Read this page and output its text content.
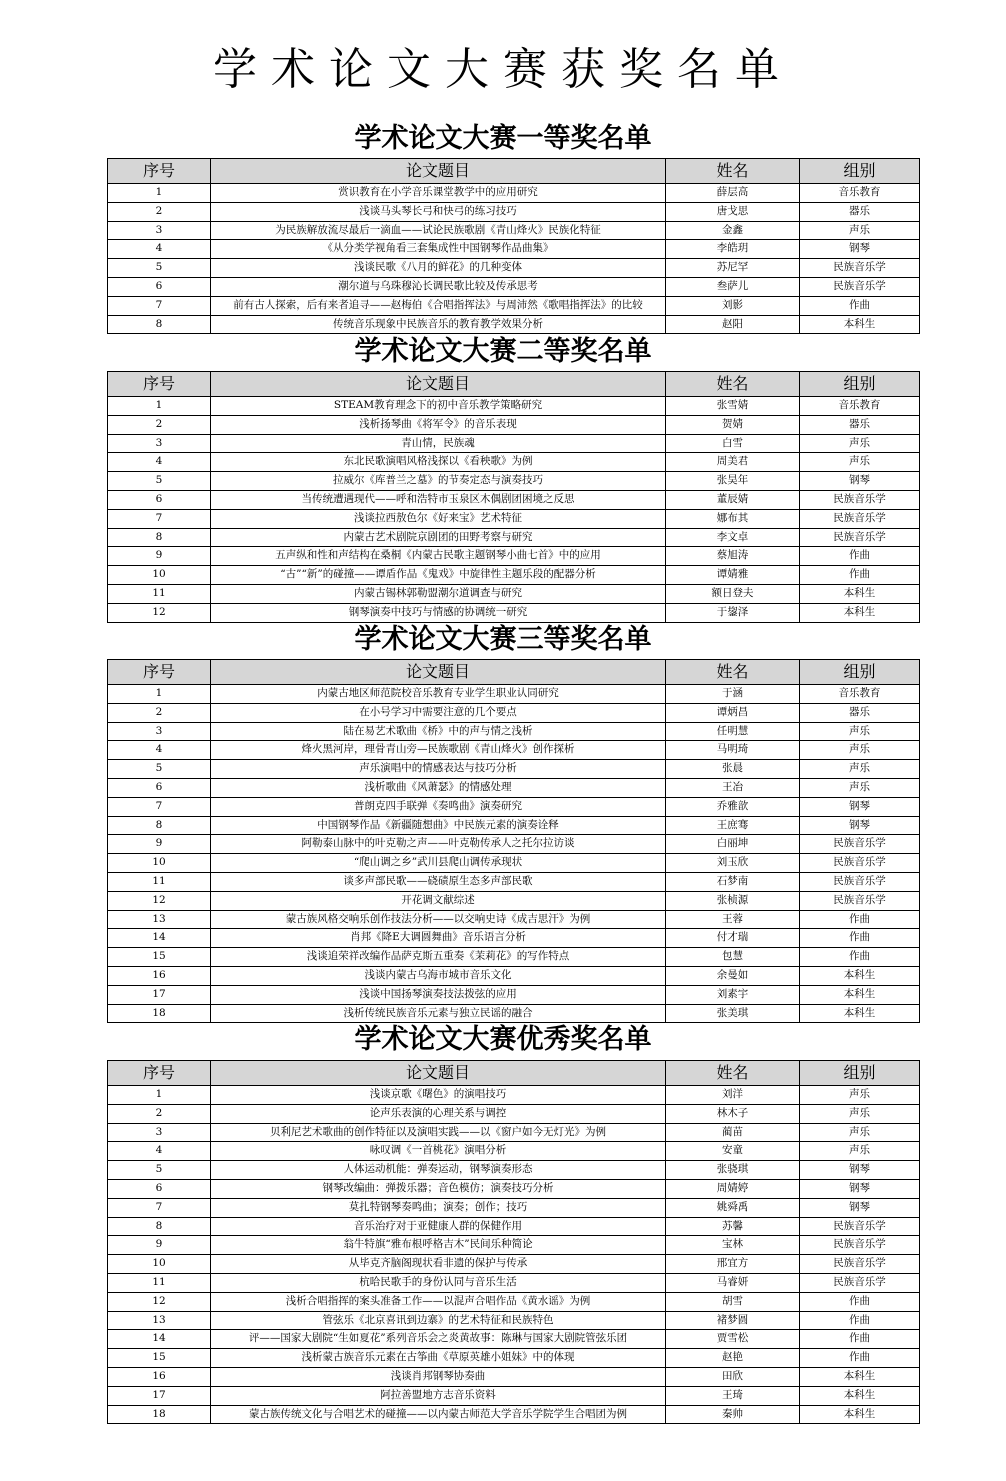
学术论文大赛获奖名单
学术论文大赛一等奖名单
序号	论文题目	姓名	组别
1	赏识教育在小学音乐课堂教学中的应用研究	薛层高	音乐教育
2	浅谈马头琴长弓和快弓的练习技巧	唐戈思	器乐
3	为民族解放流尽最后一滴血——试论民族歌剧《青山烽火》民族化特征	金鑫	声乐
4	《从分类学视角看三套集成性中国钢琴作品曲集》	李皓玥	钢琴
5	浅谈民歌《八月的鲜花》的几种变体	苏尼罕	民族音乐学
6	潮尔道与乌珠穆沁长调民歌比较及传承思考	叁萨儿	民族音乐学
7	前有古人探索，后有来者追寻——赵梅伯《合唱指挥法》与周沛然《歌唱指挥法》的比较	刘影	作曲
8	传统音乐现象中民族音乐的教育教学效果分析	赵阳	本科生
学术论文大赛二等奖名单
序号	论文题目	姓名	组别
1	STEAM教育理念下的初中音乐教学策略研究	张雪婧	音乐教育
2	浅析扬琴曲《将军令》的音乐表现	贺婧	器乐
3	青山情，民族魂	白雪	声乐
4	东北民歌演唱风格浅探以《看秧歌》为例	周美君	声乐
5	拉威尔《库普兰之墓》的节奏定态与演奏技巧	张昊年	钢琴
6	当传统遭遇现代——呼和浩特市玉泉区木偶剧团困境之反思	董辰婧	民族音乐学
7	浅谈拉西敖色尔《好来宝》艺术特征	娜布其	民族音乐学
8	内蒙古艺术剧院京剧团的田野考察与研究	李文卓	民族音乐学
9	五声纵和性和声结构在桑桐《内蒙古民歌主题钢琴小曲七首》中的应用	蔡旭涛	作曲
10	“古”“新”的碰撞——谭盾作品《鬼戏》中旋律性主题乐段的配器分析	谭婧雅	作曲
11	内蒙古锡林郭勒盟潮尔道调查与研究	额日登夫	本科生
12	钢琴演奏中技巧与情感的协调统一研究	于鋆泽	本科生
学术论文大赛三等奖名单
序号	论文题目	姓名	组别
1	内蒙古地区师范院校音乐教育专业学生职业认同研究	于涵	音乐教育
2	在小号学习中需要注意的几个要点	谭炳昌	器乐
3	陆在易艺术歌曲《桥》中的声与情之浅析	任明慧	声乐
4	烽火黑河岸，理骨青山旁—民族歌剧《青山烽火》创作探析	马明琦	声乐
5	声乐演唱中的情感表达与技巧分析	张晨	声乐
6	浅析歌曲《风萧瑟》的情感处理	王冶	声乐
7	普朗克四手联弹《奏鸣曲》演奏研究	乔雅歆	钢琴
8	中国钢琴作品《新疆随想曲》中民族元素的演奏诠释	王庶骞	钢琴
9	阿勒泰山脉中的叶克勒之声——叶克勒传承人之托尔拉访谈	白丽坤	民族音乐学
10	“爬山调之乡”武川县爬山调传承现状	刘玉欣	民族音乐学
11	谈多声部民歌——硗碛原生态多声部民歌	石梦南	民族音乐学
12	开花调文献综述	张桢源	民族音乐学
13	蒙古族风格交响乐创作技法分析——以交响史诗《成吉思汗》为例	王蓉	作曲
14	肖邦《降E大调圆舞曲》音乐语言分析	付才瑞	作曲
15	浅谈追荣祥改编作品萨克斯五重奏《茉莉花》的写作特点	包慧	作曲
16	浅谈内蒙古乌海市城市音乐文化	余曼如	本科生
17	浅谈中国扬琴演奏技法拨弦的应用	刘素宇	本科生
18	浅析传统民族音乐元素与独立民谣的融合	张美琪	本科生
学术论文大赛优秀奖名单
序号	论文题目	姓名	组别
1	浅谈京歌《曙色》的演唱技巧	刘洋	声乐
2	论声乐表演的心理关系与调控	林木子	声乐
3	贝利尼艺术歌曲的创作特征以及演唱实践——以《窗户如今无灯光》为例	蔺苗	声乐
4	咏叹调《一首桃花》演唱分析	安童	声乐
5	人体运动机能：弹奏运动，钢琴演奏形态	张骁琪	钢琴
6	钢琴改编曲：弹拨乐器；音色模仿；演奏技巧分析	周婧婷	钢琴
7	莫扎特钢琴奏鸣曲；演奏；创作；技巧	姚舜禹	钢琴
8	音乐治疗对于亚健康人群的保健作用	苏馨	民族音乐学
9	翁牛特旗“雅布根呼格吉木”民间乐种简论	宝林	民族音乐学
10	从毕克齐脑阁现状看非遗的保护与传承	邢宜方	民族音乐学
11	杭哈民歌手的身份认同与音乐生活	马睿妍	民族音乐学
12	浅析合唱指挥的案头准备工作——以混声合唱作品《黄水谣》为例	胡雪	作曲
13	管弦乐《北京喜讯到边寨》的艺术特征和民族特色	褚梦圆	作曲
14	评——国家大剧院“生如夏花”系列音乐会之炎黄故事：陈琳与国家大剧院管弦乐团	贾雪松	作曲
15	浅析蒙古族音乐元素在古筝曲《草原英雄小姐妹》中的体现	赵艳	作曲
16	浅谈肖邦钢琴协奏曲	田欣	本科生
17	阿拉善盟地方志音乐资料	王琦	本科生
18	蒙古族传统文化与合唱艺术的碰撞——以内蒙古师范大学音乐学院学生合唱团为例	秦帅	本科生
